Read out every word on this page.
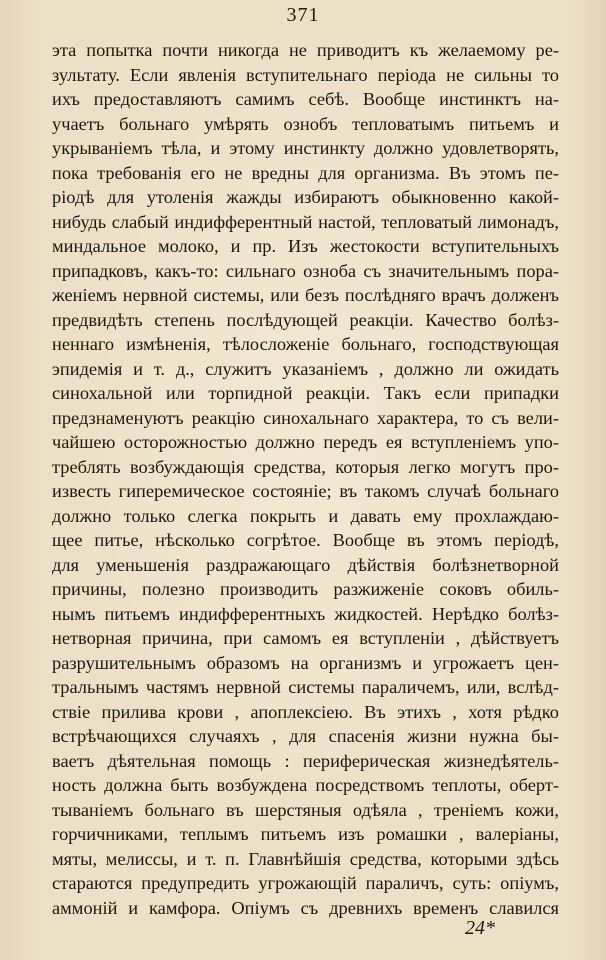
371
эта попытка почти никогда не приводитъ къ желаемому ре-
зультату. Если явленія вступительнаго періода не сильны то
ихъ предоставляютъ самимъ себѣ. Вообще инстинктъ на-
учаетъ больнаго умѣрять ознобъ тепловатымъ питьемъ и
укрываніемъ тѣла, и этому инстинкту должно удовлетворять,
пока требованія его не вредны для организма. Въ этомъ пе-
ріодѣ для утоленія жажды избираютъ обыкновенно какой-
нибудь слабый индифферентный настой, тепловатый лимонадъ,
миндальное молоко, и пр. Изъ жестокости вступительныхъ
припадковъ, какъ-то: сильнаго озноба съ значительнымъ пора-
женіемъ нервной системы, или безъ послѣдняго врачъ долженъ
предвидѣть степень послѣдующей реакціи. Качество болѣз-
неннаго измѣненія, тѣлосложеніе больнаго, господствующая
эпидемія и т. д., служитъ указаніемъ , должно ли ожидать
синохальной или торпидной реакціи. Такъ если припадки
предзнаменуютъ реакцію синохальнаго характера, то съ вели-
чайшею осторожностью должно передъ ея вступленіемъ упо-
треблять возбуждающія средства, которыя легко могутъ про-
известь гиперемическое состояніе; въ такомъ случаѣ больнаго
должно только слегка покрыть и давать ему прохлаждаю-
щее питье, нѣсколько согрѣтое. Вообще въ этомъ періодѣ,
для уменьшенія раздражающаго дѣйствія болѣзнетворной
причины, полезно производить разжиженіе соковъ обиль-
нымъ питьемъ индифферентныхъ жидкостей. Нерѣдко болѣз-
нетворная причина, при самомъ ея вступленіи , дѣйствуетъ
разрушительнымъ образомъ на организмъ и угрожаетъ цен-
тральнымъ частямъ нервной системы параличемъ, или, вслѣд-
ствіе прилива крови , апоплексіею. Въ этихъ , хотя рѣдко
встрѣчающихся случаяхъ , для спасенія жизни нужна бы-
ваетъ дѣятельная помощь : периферическая жизнедѣятель-
ность должна быть возбуждена посредствомъ теплоты, оберт-
тываніемъ больнаго въ шерстяныя одѣяла , треніемъ кожи,
горчичниками, теплымъ питьемъ изъ ромашки , валеріаны,
мяты, мелиссы, и т. п. Главнѣйшія средства, которыми здѣсь
стараются предупредить угрожающій параличъ, суть: опіумъ,
аммоній и камфора. Опіумъ съ древнихъ временъ славился
24*
